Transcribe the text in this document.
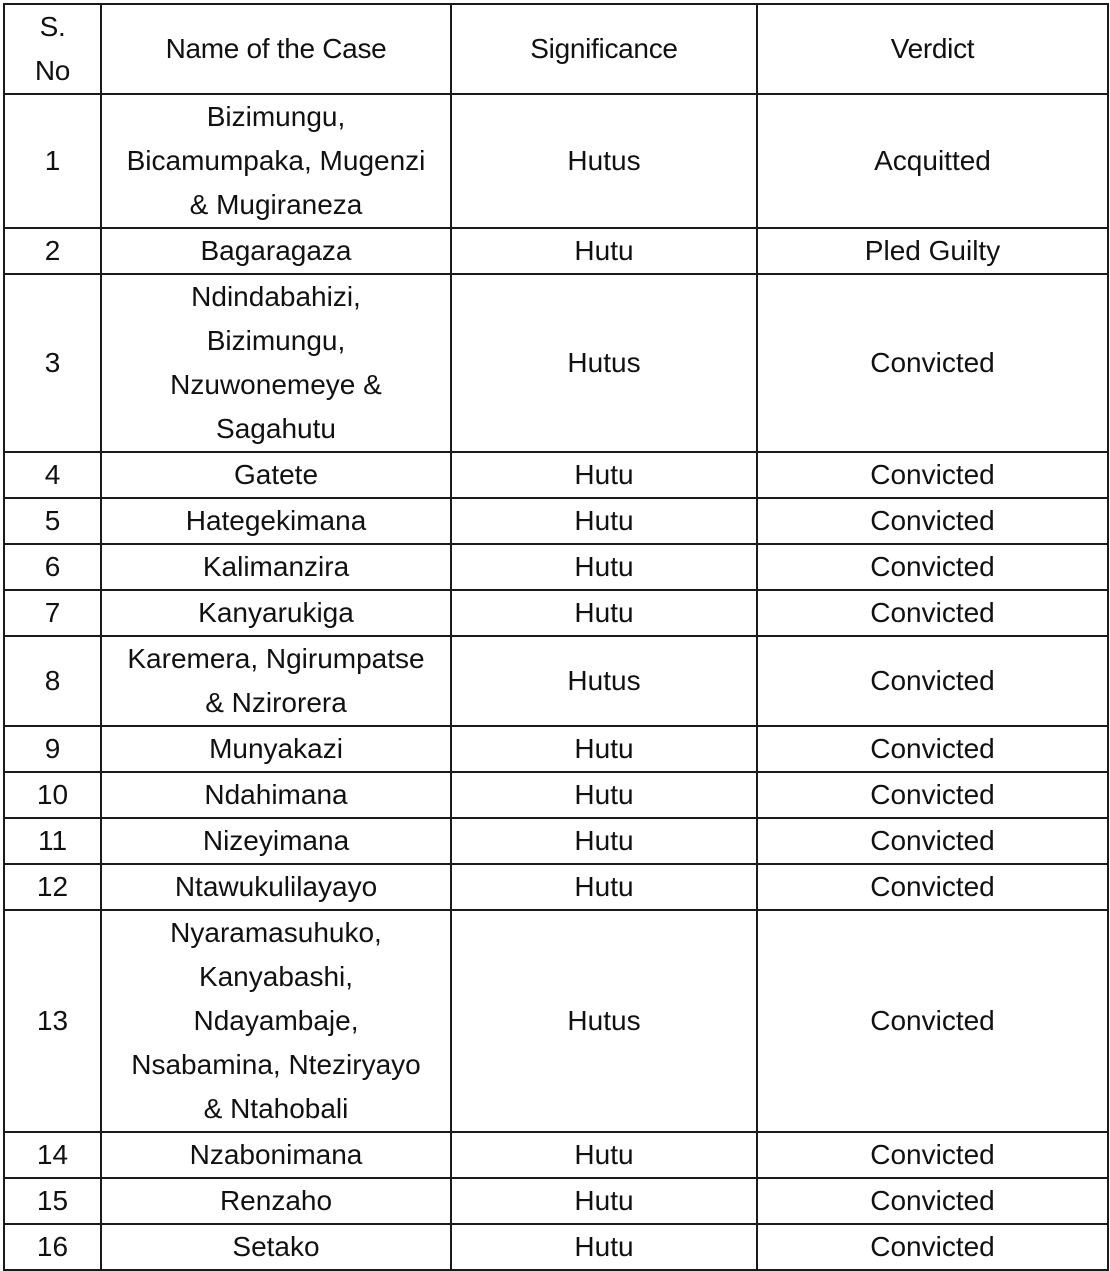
S.
No	Name of the Case	Significance	Verdict
1	Bizimungu,
Bicamumpaka, Mugenzi
& Mugiraneza	Hutus	Acquitted
2	Bagaragaza	Hutu	Pled Guilty
3	Ndindabahizi,
Bizimungu,
Nzuwonemeye &
Sagahutu	Hutus	Convicted
4	Gatete	Hutu	Convicted
5	Hategekimana	Hutu	Convicted
6	Kalimanzira	Hutu	Convicted
7	Kanyarukiga	Hutu	Convicted
8	Karemera, Ngirumpatse
& Nzirorera	Hutus	Convicted
9	Munyakazi	Hutu	Convicted
10	Ndahimana	Hutu	Convicted
11	Nizeyimana	Hutu	Convicted
12	Ntawukulilayayo	Hutu	Convicted
13	Nyaramasuhuko,
Kanyabashi,
Ndayambaje,
Nsabamina, Nteziryayo
& Ntahobali	Hutus	Convicted
14	Nzabonimana	Hutu	Convicted
15	Renzaho	Hutu	Convicted
16	Setako	Hutu	Convicted
